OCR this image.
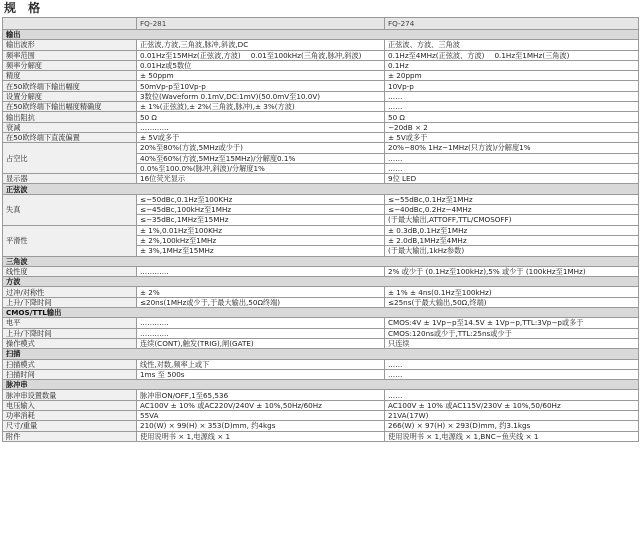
规 格
	FQ-281	FQ-274
输出		
输出波形	正弦波,方波,三角波,脉冲,斜波,DC	正弦波、方波、三角波
频率范围	0.01Hz至15MHz(正弦波,方波) 0.01至100kHz(三角波,脉冲,斜波)	0.1Hz至4MHz(正弦波、方波) 0.1Hz至1MHz(三角波)
频率分解度	0.01Hz或5数位	0.1Hz
精度	± 50ppm	± 20ppm
在50欧终端下输出幅度	50mVp-p至10Vp-p	10Vp-p
设置分解度	3数位(Waveform 0.1mV,DC:1mV)(50.0mV至10.0V)	……
在50欧终端下输出幅度精确度	± 1%(正弦波),± 2%(三角波,脉冲),± 3%(方波)	……
输出阻抗	50 Ω	50 Ω
衰减	…………	−20dB × 2
在50欧终端下直流偏置	± 5V或多于	± 5V或多于
占空比	20%至80%(方波,5MHz或少于)	20%−80% 1Hz−1MHz(只方波)/分解度1%
	40%至60%(方波,5MHz至15MHz)/分解度0.1%	……
	0.0%至100.0%(脉冲,斜波)/分解度1%	……
显示器	16位荧光显示	9位 LED
正弦波		
失真	≤−50dBc,0.1Hz至100KHz	≤−55dBc,0.1Hz至1MHz
	≤−45dBc,100kHz至1MHz	≤−40dBc,0.2Hz−4MHz
	≤−35dBc,1MHz至15MHz	(于最大输出,ATTOFF,TTL/CMOSOFF)
平滑性	± 1%,0.01Hz至100KHz	± 0.3dB,0.1Hz至1MHz
	± 2%,100kHz至1MHz	± 2.0dB,1MHz至4MHz
	± 3%,1MHz至15MHz	(于最大输出,1kHz参数)
三角波		
线性度	…………	2% 或少于 (0.1Hz至100kHz),5% 或少于 (100kHz至1MHz)
方波		
过冲/对称性	± 2%	± 1% ± 4ns(0.1Hz至100kHz)
上升/下降时间	≤20ns(1MHz或少于,于最大输出,50Ω终端)	≤25ns(于最大输出,50Ω,终端)
CMOS/TTL输出		
电平	…………	CMOS:4V ± 1Vp−p至14.5V ± 1Vp−p,TTL:3Vp−p或多于
上升/下降时间	…………	CMOS:120ns或少于,TTL:25ns或少于
操作模式	连续(CONT),触发(TRIG),闸(GATE)	只连续
扫描		
扫描模式	线性,对数,频率上或下	……
扫描时间	1ms 至 500s	……
脉冲串		
脉冲串设置数量	脉冲串ON/OFF,1至65,536	……
电压输入	AC100V ± 10% 或AC220V/240V ± 10%,50Hz/60Hz	AC100V ± 10% 或AC115V/230V ± 10%,50/60Hz
功率消耗	55VA	21VA(17W)
尺寸/重量	210(W) × 99(H) × 353(D)mm, 约4kgs	266(W) × 97(H) × 293(D)mm, 约3.1kgs
附件	使用说明书 × 1,电源线 × 1	使用说明书 × 1,电源线 × 1,BNC−鱼夹线 × 1
